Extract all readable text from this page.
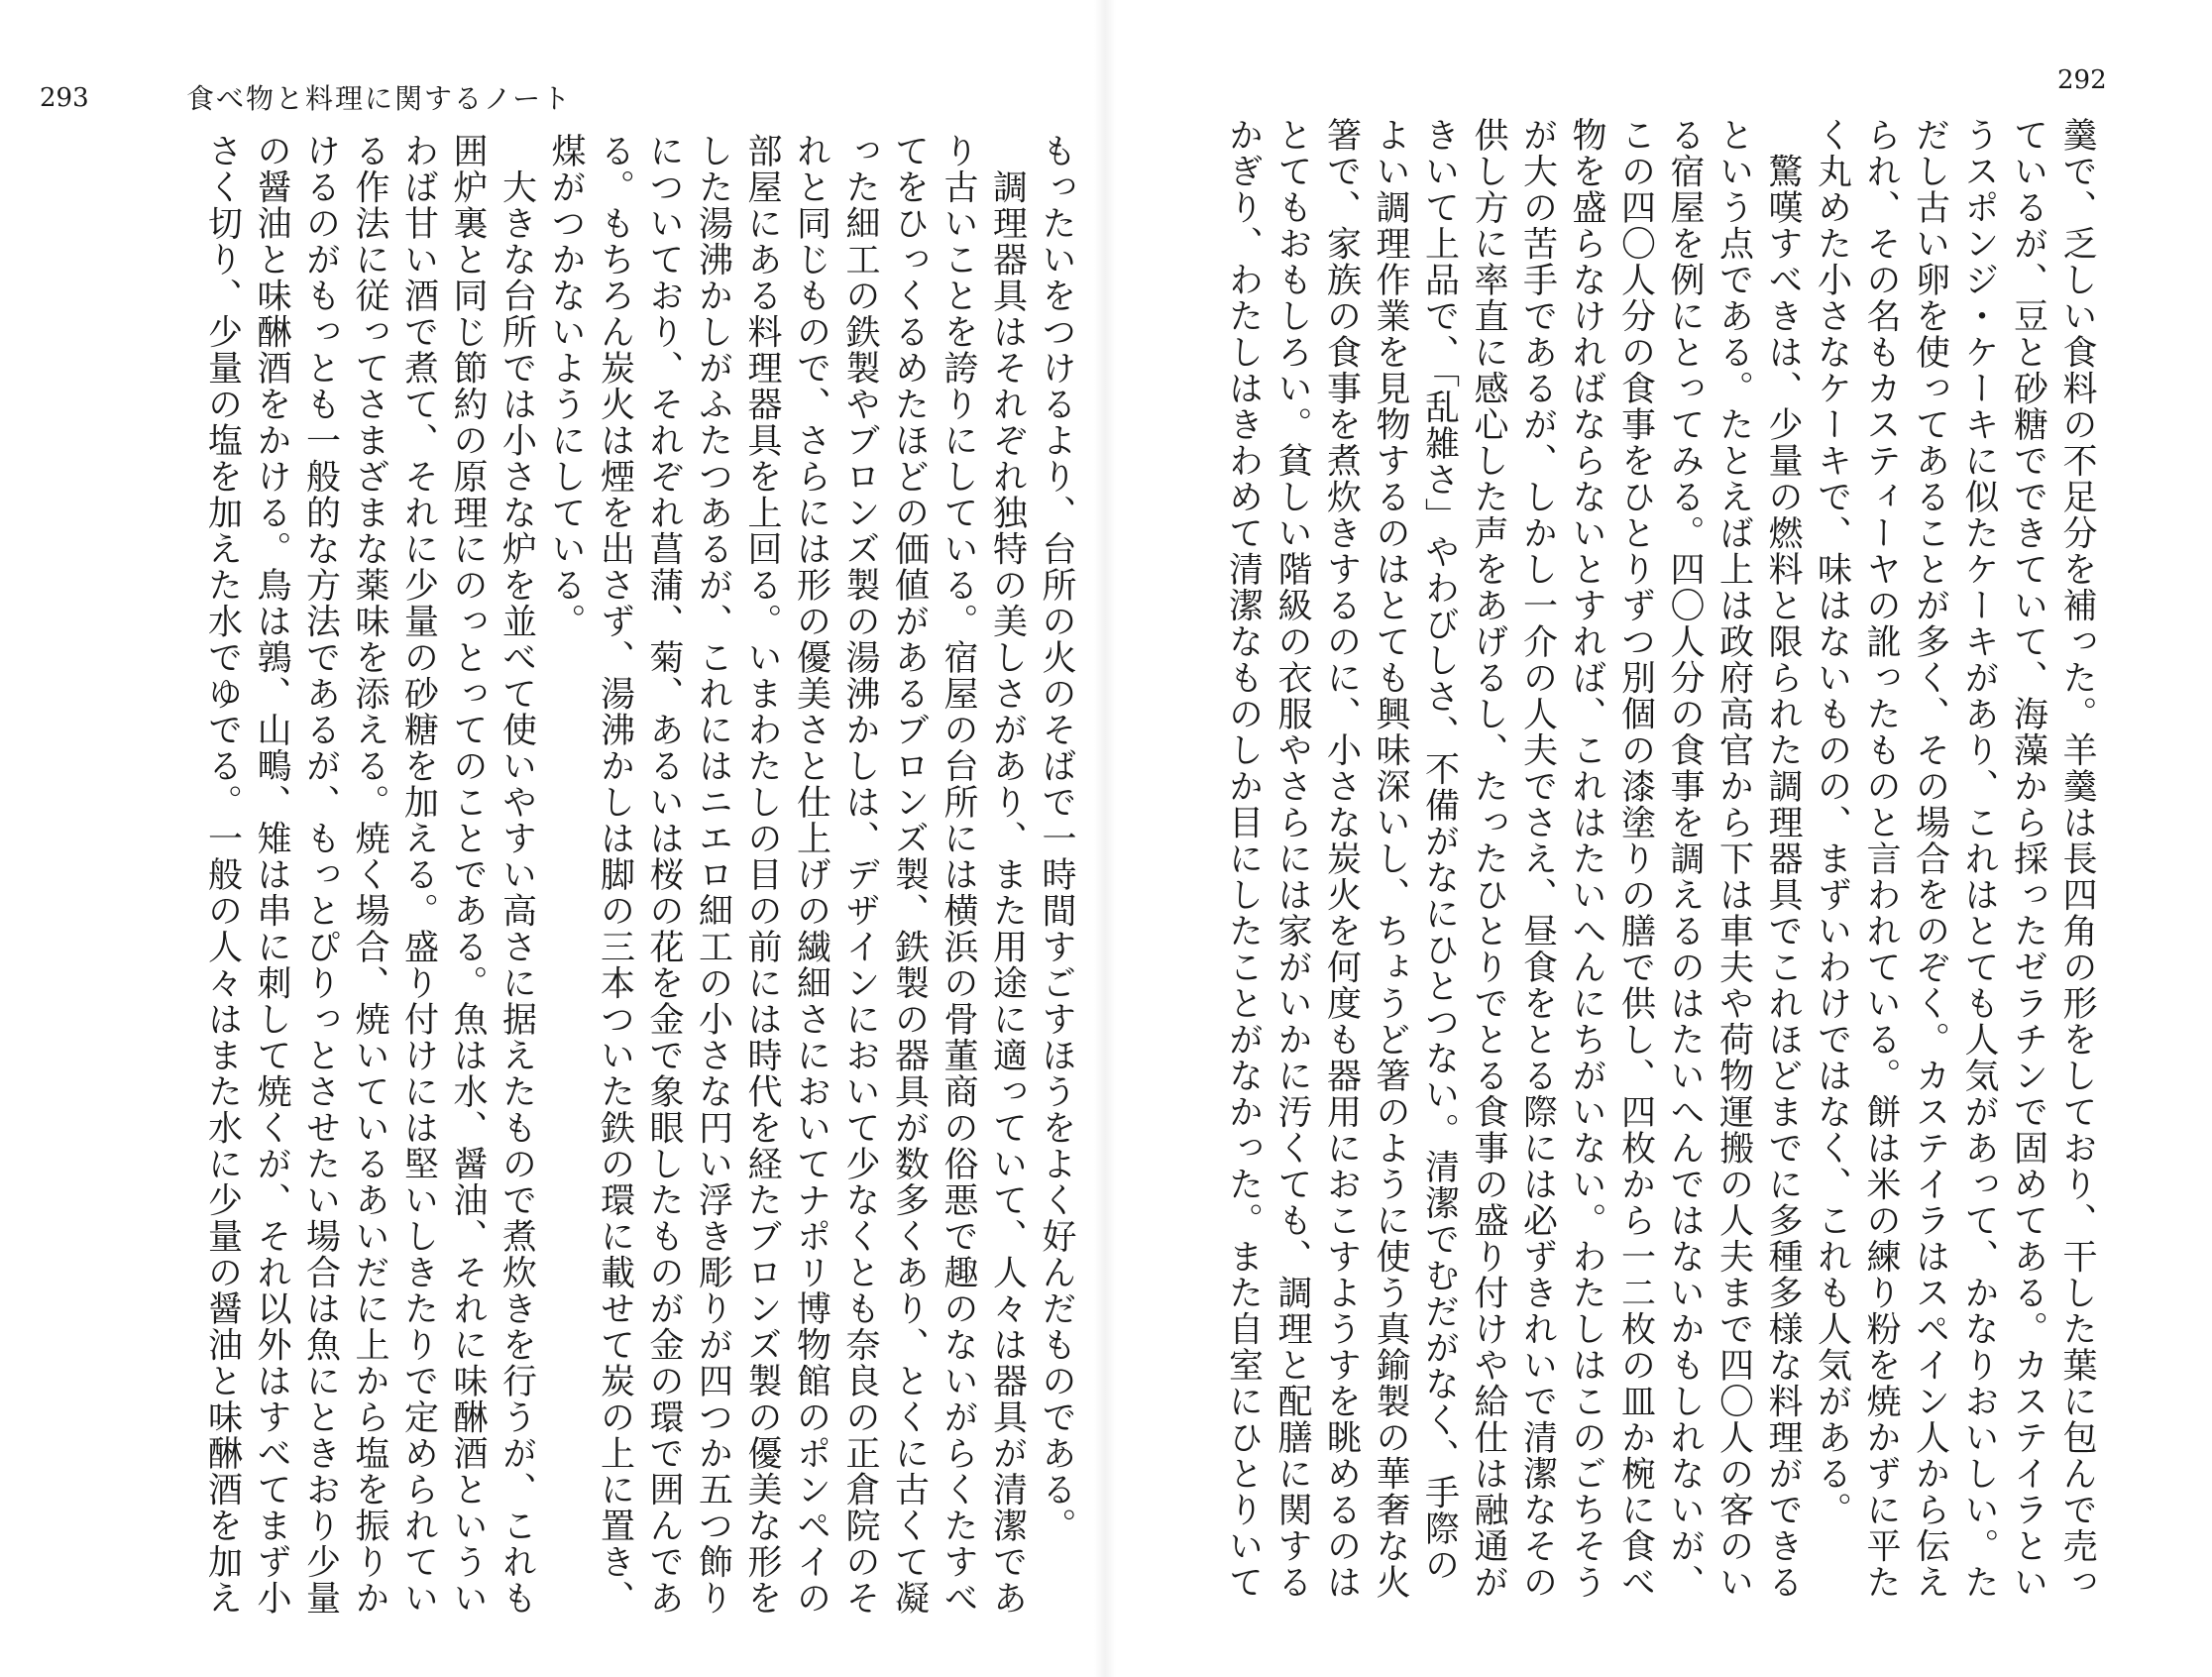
293	食べ物と料理に関するノート
もったいをつけるより、台所の火のそばで一時間すごすほうをよく好んだものである。
　調理器具はそれぞれ独特の美しさがあり、また用途に適っていて、人々は器具が清潔であ
り古いことを誇りにしている。宿屋の台所には横浜の骨董商の俗悪で趣のないがらくたすべ
てをひっくるめたほどの価値があるブロンズ製、鉄製の器具が数多くあり、とくに古くて凝
った細工の鉄製やブロンズ製の湯沸かしは、デザインにおいて少なくとも奈良の正倉院のそ
れと同じもので、さらには形の優美さと仕上げの繊細さにおいてナポリ博物館のポンペイの
部屋にある料理器具を上回る。いまわたしの目の前には時代を経たブロンズ製の優美な形を
した湯沸かしがふたつあるが、これにはニエロ細工の小さな円い浮き彫りが四つか五つ飾り
についており、それぞれ菖蒲、菊、あるいは桜の花を金で象眼したものが金の環で囲んであ
る。もちろん炭火は煙を出さず、湯沸かしは脚の三本ついた鉄の環に載せて炭の上に置き、
煤がつかないようにしている。
　大きな台所では小さな炉を並べて使いやすい高さに据えたもので煮炊きを行うが、これも
囲炉裏と同じ節約の原理にのっとってのことである。魚は水、醤油、それに味醂酒というい
わば甘い酒で煮て、それに少量の砂糖を加える。盛り付けには堅いしきたりで定められてい
る作法に従ってさまざまな薬味を添える。焼く場合、焼いているあいだに上から塩を振りか
けるのがもっとも一般的な方法であるが、もっとぴりっとさせたい場合は魚にときおり少量
の醤油と味醂酒をかける。鳥は鶉、山鴫、雉は串に刺して焼くが、それ以外はすべてまず小
さく切り、少量の塩を加えた水でゆでる。一般の人々はまた水に少量の醤油と味醂酒を加え
292
羹で、乏しい食料の不足分を補った。羊羹は長四角の形をしており、干した葉に包んで売っ
ているが、豆と砂糖でできていて、海藻から採ったゼラチンで固めてある。カステイラとい
うスポンジ・ケーキに似たケーキがあり、これはとても人気があって、かなりおいしい。た
だし古い卵を使ってあることが多く、その場合をのぞく。カステイラはスペイン人から伝え
られ、その名もカスティーヤの訛ったものと言われている。餅は米の練り粉を焼かずに平た
く丸めた小さなケーキで、味はないものの、まずいわけではなく、これも人気がある。
　驚嘆すべきは、少量の燃料と限られた調理器具でこれほどまでに多種多様な料理ができる
という点である。たとえば上は政府高官から下は車夫や荷物運搬の人夫まで四〇人の客のい
る宿屋を例にとってみる。四〇人分の食事を調えるのはたいへんではないかもしれないが、
この四〇人分の食事をひとりずつ別個の漆塗りの膳で供し、四枚から一二枚の皿か椀に食べ
物を盛らなければならないとすれば、これはたいへんにちがいない。わたしはこのごちそう
が大の苦手であるが、しかし一介の人夫でさえ、昼食をとる際には必ずきれいで清潔なその
供し方に率直に感心した声をあげるし、たったひとりでとる食事の盛り付けや給仕は融通が
きいて上品で、「乱雑さ」やわびしさ、不備がなにひとつない。清潔でむだがなく、手際の
よい調理作業を見物するのはとても興味深いし、ちょうど箸のように使う真鍮製の華奢な火
箸で、家族の食事を煮炊きするのに、小さな炭火を何度も器用におこすようすを眺めるのは
とてもおもしろい。貧しい階級の衣服やさらには家がいかに汚くても、調理と配膳に関する
かぎり、わたしはきわめて清潔なものしか目にしたことがなかった。また自室にひとりいて
